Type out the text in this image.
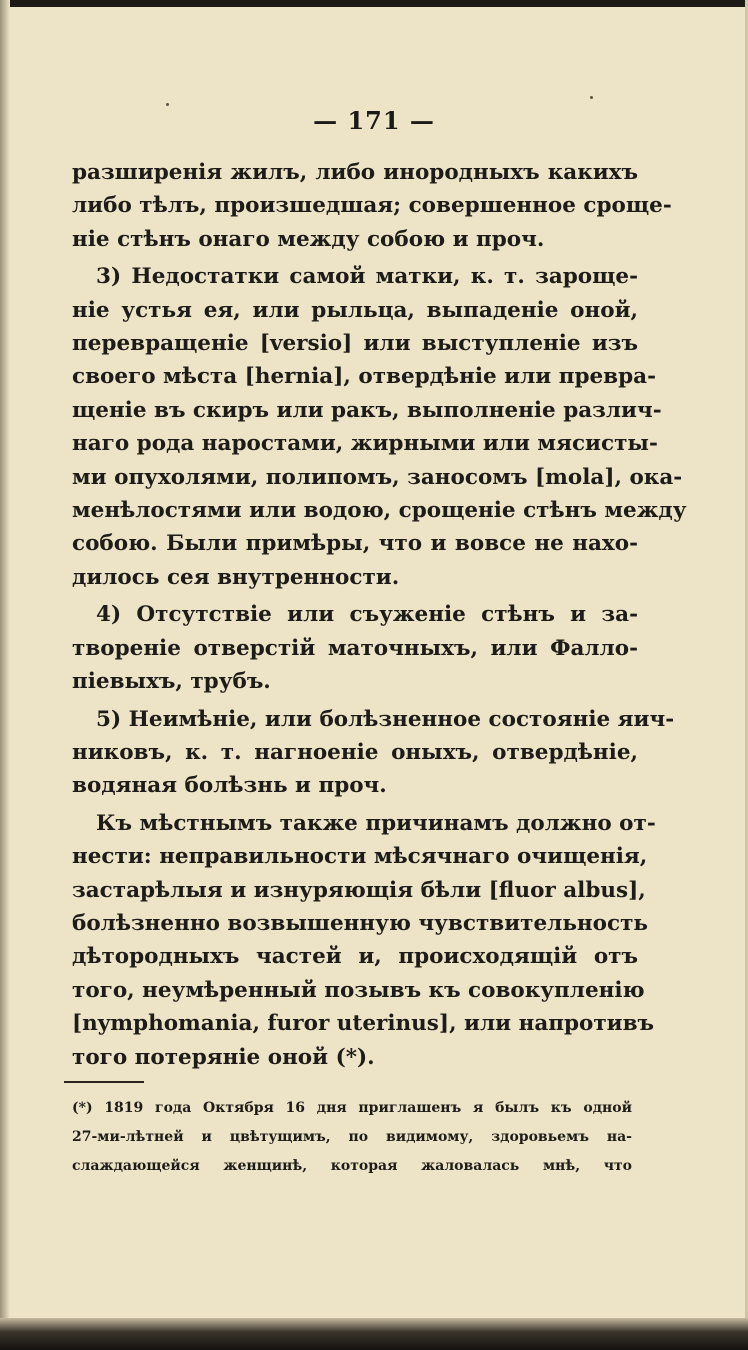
— 171 —
разширенія жилъ, либо инородныхъ какихъ
либо тѣлъ, произшедшая; совершенное сроще-
ніе стѣнъ онаго между собою и проч.
3) Недостатки самой матки, к. т. зароще-
ніе устья ея, или рыльца, выпаденіе оной,
переврaщеніе [versio] или выступленіе изъ
своего мѣста [hernia], отвердѣніе или превра-
щеніе въ скиръ или ракъ, выполненіе различ-
наго рода наростами, жирными или мясисты-
ми опухолями, полипомъ, заносомъ [mola], ока-
менѣлостями или водою, срощеніе стѣнъ между
собою. Были примѣры, что и вовсе не нахо-
дилось сея внутренности.
4) Отсутствіе или съуженіе стѣнъ и за-
твореніе отверстій маточныхъ, или Фалло-
піевыхъ, трубъ.
5) Неимѣніе, или болѣзненное состояніе яич-
никовъ, к. т. нагноеніе оныхъ, отвердѣніе,
водяная болѣзнь и проч.
Къ мѣстнымъ также причинамъ должно от-
нести: неправильности мѣсячнаго очищенія,
застарѣлыя и изнуряющія бѣли [fluor albus],
болѣзненно возвышенную чувствительность
дѣтородныхъ частей и, происходящій отъ
того, неумѣренный позывъ къ совокупленію
[nymphomania, furor uterinus], или напротивъ
того потеряніе оной (*).
(*) 1819 года Октября 16 дня приглашенъ я былъ къ одной
27-ми-лѣтней и цвѣтущимъ, по видимому, здоровьемъ на-
слаждающейся женщинѣ, которая жаловалась мнѣ, что
